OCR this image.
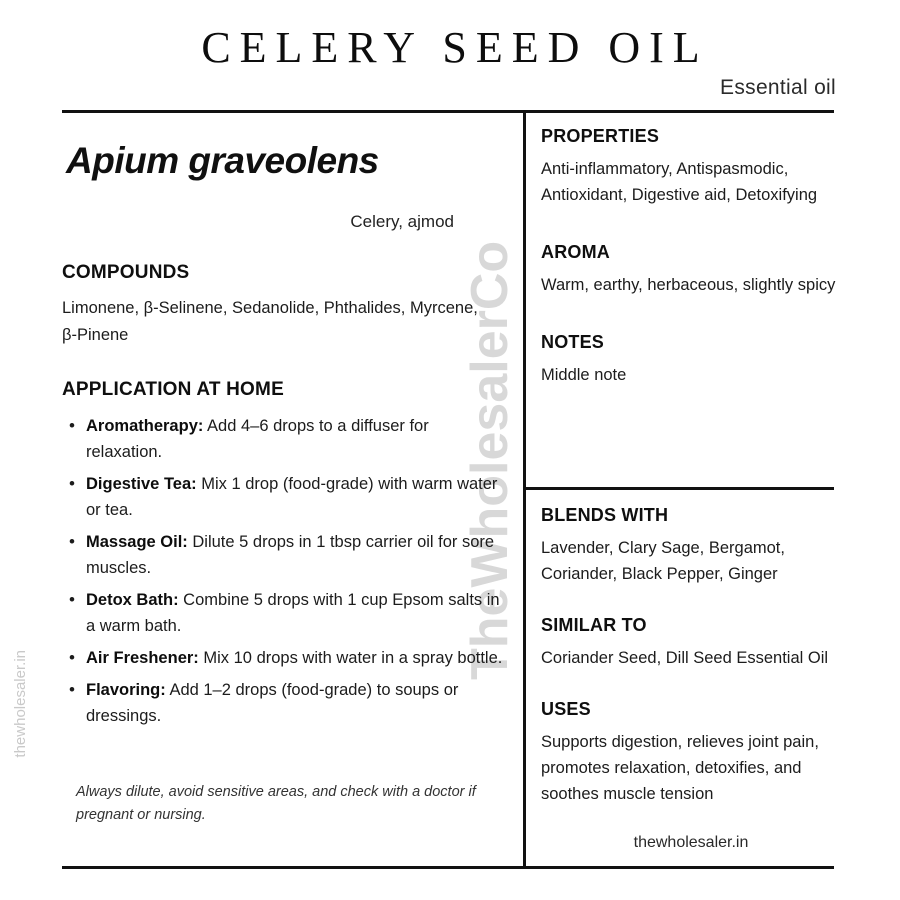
CELERY SEED OIL
Essential oil
TheWholesalerCo
thewholesaler.in
Apium graveolens
Celery, ajmod
COMPOUNDS
Limonene, β-Selinene, Sedanolide, Phthalides, Myrcene, β-Pinene
APPLICATION AT HOME
• Aromatherapy: Add 4–6 drops to a diffuser for relaxation.
• Digestive Tea: Mix 1 drop (food-grade) with warm water or tea.
• Massage Oil: Dilute 5 drops in 1 tbsp carrier oil for sore muscles.
• Detox Bath: Combine 5 drops with 1 cup Epsom salts in a warm bath.
• Air Freshener: Mix 10 drops with water in a spray bottle.
• Flavoring: Add 1–2 drops (food-grade) to soups or dressings.
Always dilute, avoid sensitive areas, and check with a doctor if pregnant or nursing.
PROPERTIES
Anti-inflammatory, Antispasmodic, Antioxidant, Digestive aid, Detoxifying
AROMA
Warm, earthy, herbaceous, slightly spicy
NOTES
Middle note
BLENDS WITH
Lavender, Clary Sage, Bergamot, Coriander, Black Pepper, Ginger
SIMILAR TO
Coriander Seed, Dill Seed Essential Oil
USES
Supports digestion, relieves joint pain, promotes relaxation, detoxifies, and soothes muscle tension
thewholesaler.in
